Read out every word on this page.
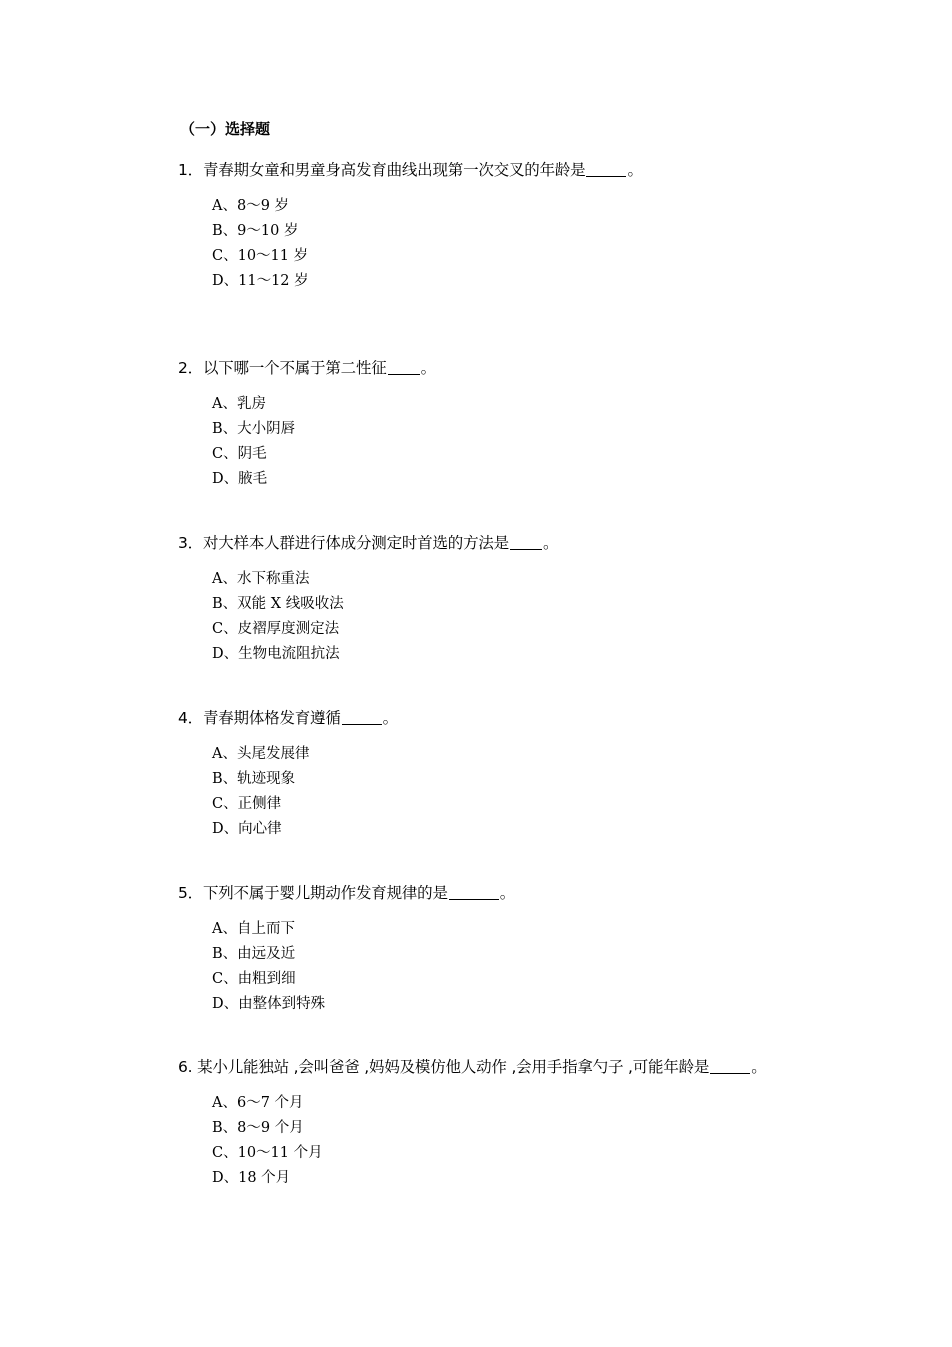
（一）选择题
1．青春期女童和男童身高发育曲线出现第一次交叉的年龄是	。
A、8～9 岁
B、9～10 岁
C、10～11 岁
D、11～12 岁
2．以下哪一个不属于第二性征 。
A、乳房
B、大小阴唇
C、阴毛
D、腋毛
3．对大样本人群进行体成分测定时首选的方法是 。
A、水下称重法
B、双能 X 线吸收法
C、皮褶厚度测定法
D、生物电流阻抗法
4．青春期体格发育遵循	。
A、头尾发展律
B、轨迹现象
C、正侧律
D、向心律
5．下列不属于婴儿期动作发育规律的是	。
A、自上而下
B、由远及近
C、由粗到细
D、由整体到特殊
6. 某小儿能独站 ,会叫爸爸 ,妈妈及模仿他人动作 ,会用手指拿勺子 ,可能年龄是	。
A、6～7 个月
B、8～9 个月
C、10～11 个月
D、18 个月
